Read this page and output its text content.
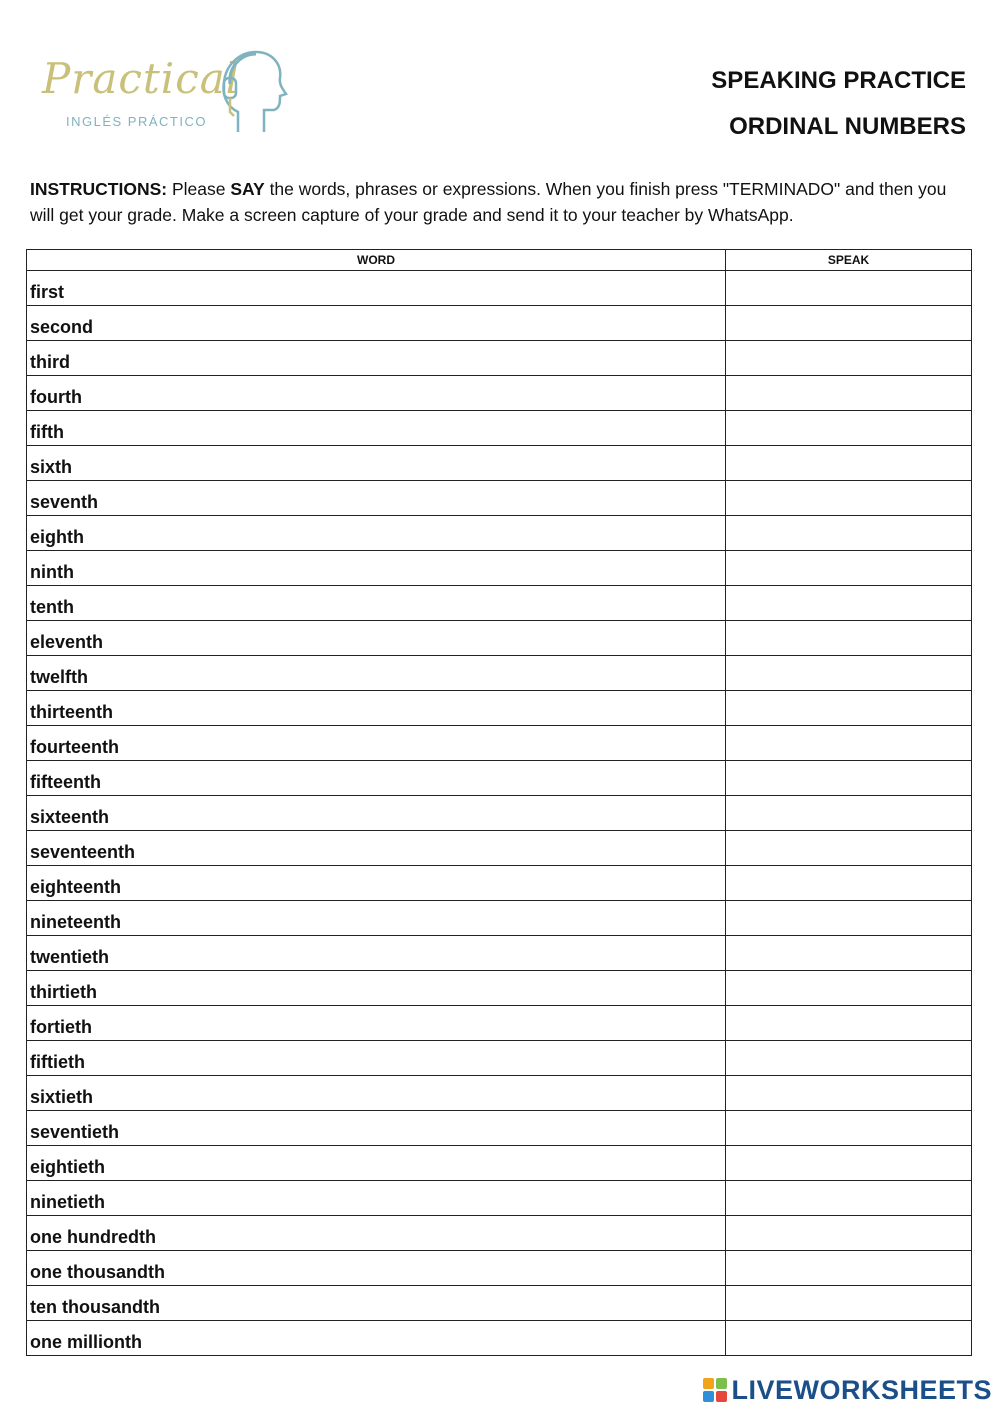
Practical
INGLÉS PRÁCTICO
SPEAKING PRACTICE
ORDINAL NUMBERS
INSTRUCTIONS: Please SAY the words, phrases or expressions. When you finish press "TERMINADO" and then you will get your grade. Make a screen capture of your grade and send it to your teacher by WhatsApp.
WORD	SPEAK
first	
second	
third	
fourth	
fifth	
sixth	
seventh	
eighth	
ninth	
tenth	
eleventh	
twelfth	
thirteenth	
fourteenth	
fifteenth	
sixteenth	
seventeenth	
eighteenth	
nineteenth	
twentieth	
thirtieth	
fortieth	
fiftieth	
sixtieth	
seventieth	
eightieth	
ninetieth	
one hundredth	
one thousandth	
ten thousandth	
one millionth	
LIVEWORKSHEETS
